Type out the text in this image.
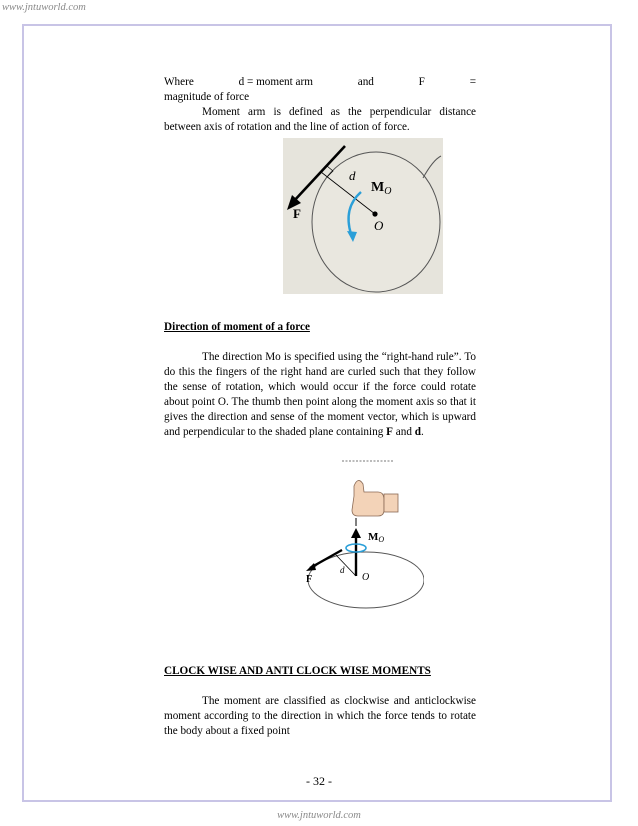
www.jntuworld.com
Where	d = moment arm	and	F	=
magnitude of force
Moment arm is defined as the perpendicular distance between axis of rotation and the line of action of force.
d
$M_O$
F
O
Direction of moment of a force
The direction Mo is specified using the “right-hand rule”. To do this the fingers of the right hand are curled such that they follow the sense of rotation, which would occur if the force could rotate about point O. The thumb then point along the moment axis so that it gives the direction and sense of the moment vector, which is upward and perpendicular to the shaded plane containing F and d.
MO
F
d
O
CLOCK WISE AND ANTI CLOCK WISE MOMENTS
The moment are classified as clockwise and anticlockwise moment according to the direction in which the force tends to rotate the body about a fixed point
- 32 -
www.jntuworld.com
